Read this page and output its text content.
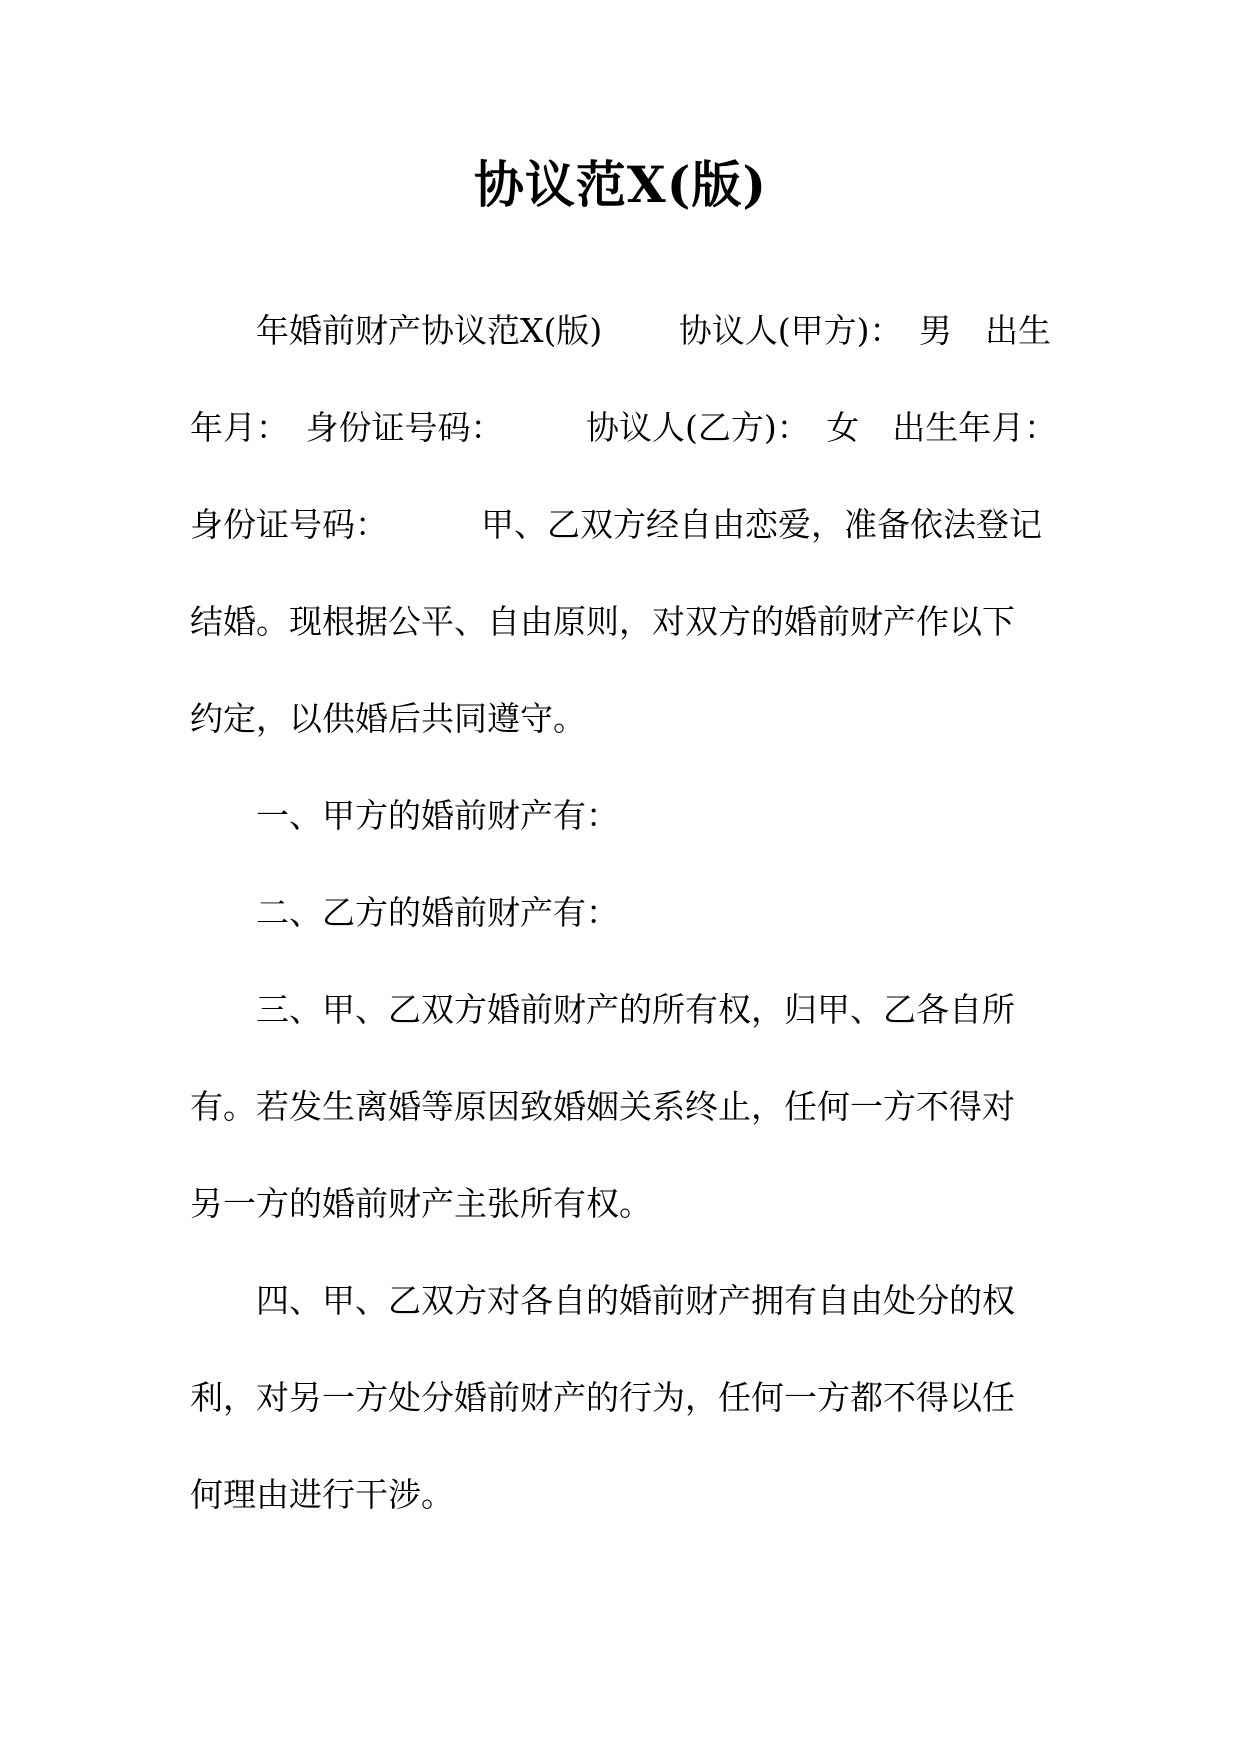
协议范X(版)

年婚前财产协议范X(版)　　 协议人(甲方)：　男　出生

年月：　身份证号码：　　　协议人(乙方)：　女　出生年月：

身份证号码：　　　 甲、乙双方经自由恋爱，准备依法登记

结婚。现根据公平、自由原则，对双方的婚前财产作以下

约定，以供婚后共同遵守。

一、甲方的婚前财产有：

二、乙方的婚前财产有：

三、甲、乙双方婚前财产的所有权，归甲、乙各自所

有。若发生离婚等原因致婚姻关系终止，任何一方不得对

另一方的婚前财产主张所有权。

四、甲、乙双方对各自的婚前财产拥有自由处分的权

利，对另一方处分婚前财产的行为，任何一方都不得以任

何理由进行干涉。
